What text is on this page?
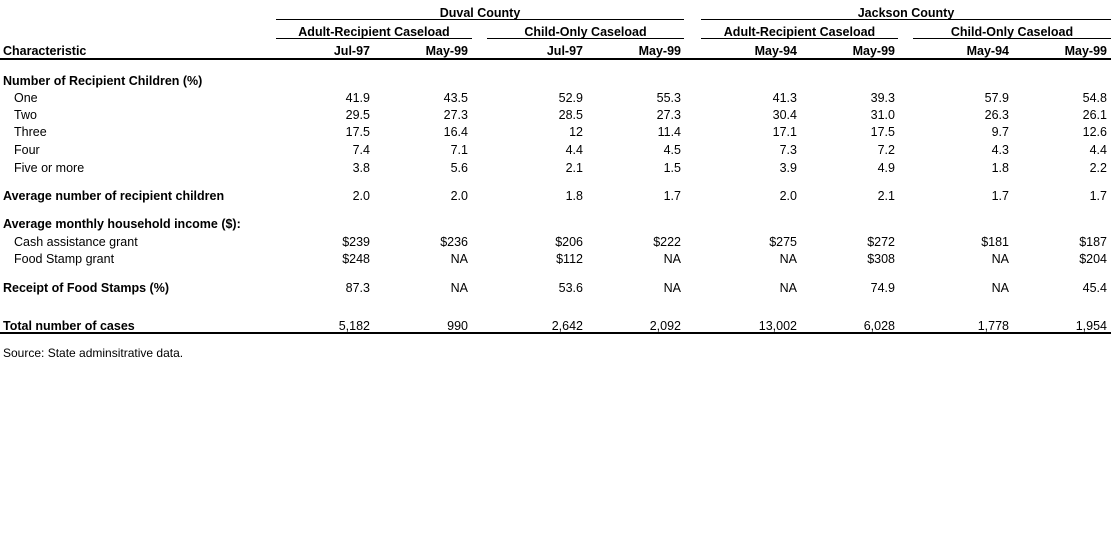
Duval County	Jackson County
Adult-Recipient Caseload	Child-Only Caseload	Adult-Recipient Caseload	Child-Only Caseload
Characteristic	Jul-97	May-99	Jul-97	May-99	May-94	May-99	May-94	May-99
Number of Recipient Children (%)
One	41.9	43.5	52.9	55.3	41.3	39.3	57.9	54.8
Two	29.5	27.3	28.5	27.3	30.4	31.0	26.3	26.1
Three	17.5	16.4	12	11.4	17.1	17.5	9.7	12.6
Four	7.4	7.1	4.4	4.5	7.3	7.2	4.3	4.4
Five or more	3.8	5.6	2.1	1.5	3.9	4.9	1.8	2.2
Average number of recipient children	2.0	2.0	1.8	1.7	2.0	2.1	1.7	1.7
Average monthly household income ($):
Cash assistance grant	$239	$236	$206	$222	$275	$272	$181	$187
Food Stamp grant	$248	NA	$112	NA	NA	$308	NA	$204
Receipt of Food Stamps (%)	87.3	NA	53.6	NA	NA	74.9	NA	45.4
Total number of cases	5,182	990	2,642	2,092	13,002	6,028	1,778	1,954
Source: State adminsitrative data.
